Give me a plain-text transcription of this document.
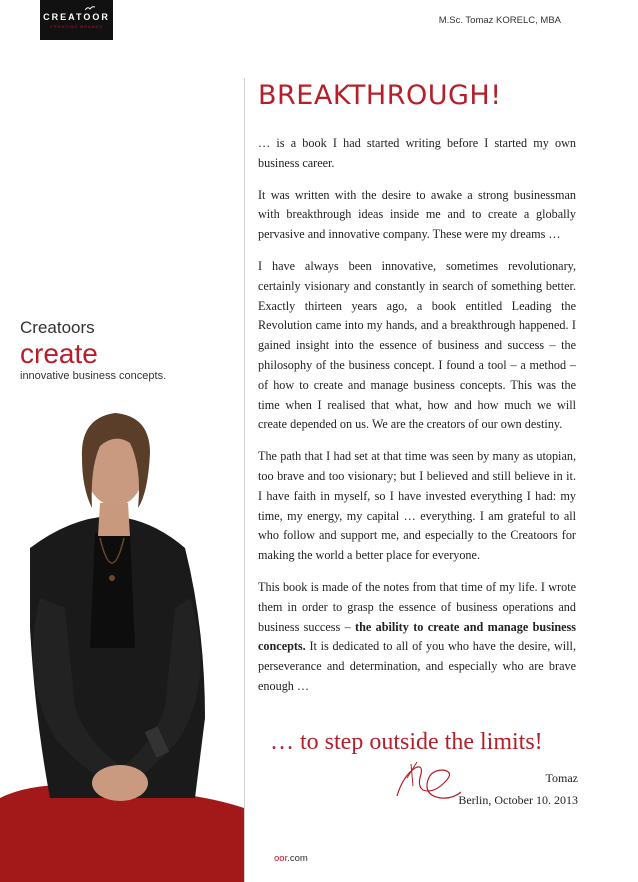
CREATOOR
CREATING BRANDS	M.Sc. Tomaz KORELC, MBA
Creatoors
create
innovative business concepts.
BREAKTHROUGH!

… is a book I had started writing before I started my own business career.

It was written with the desire to awake a strong businessman with breakthrough ideas inside me and to create a globally pervasive and innovative company. These were my dreams …

I have always been innovative, sometimes revolutionary, certainly visionary and constantly in search of something better. Exactly thirteen years ago, a book entitled Leading the Revolution came into my hands, and a breakthrough happened. I gained insight into the essence of business and success – the philosophy of the business concept. I found a tool – a method – of how to create and manage business concepts. This was the time when I realised that what, how and how much we will create depended on us. We are the creators of our own destiny.

The path that I had set at that time was seen by many as utopian, too brave and too visionary; but I believed and still believe in it. I have faith in myself, so I have invested everything I had: my time, my energy, my capital … everything. I am grateful to all who follow and support me, and especially to the Creatoors for making the world a better place for everyone.

This book is made of the notes from that time of my life. I wrote them in order to grasp the essence of business operations and business success – the ability to create and manage business concepts. It is dedicated to all of you who have the desire, will, perseverance and determination, and especially who are brave enough …

… to step outside the limits!
Tomaz
Berlin, October 10. 2013
oor.com
